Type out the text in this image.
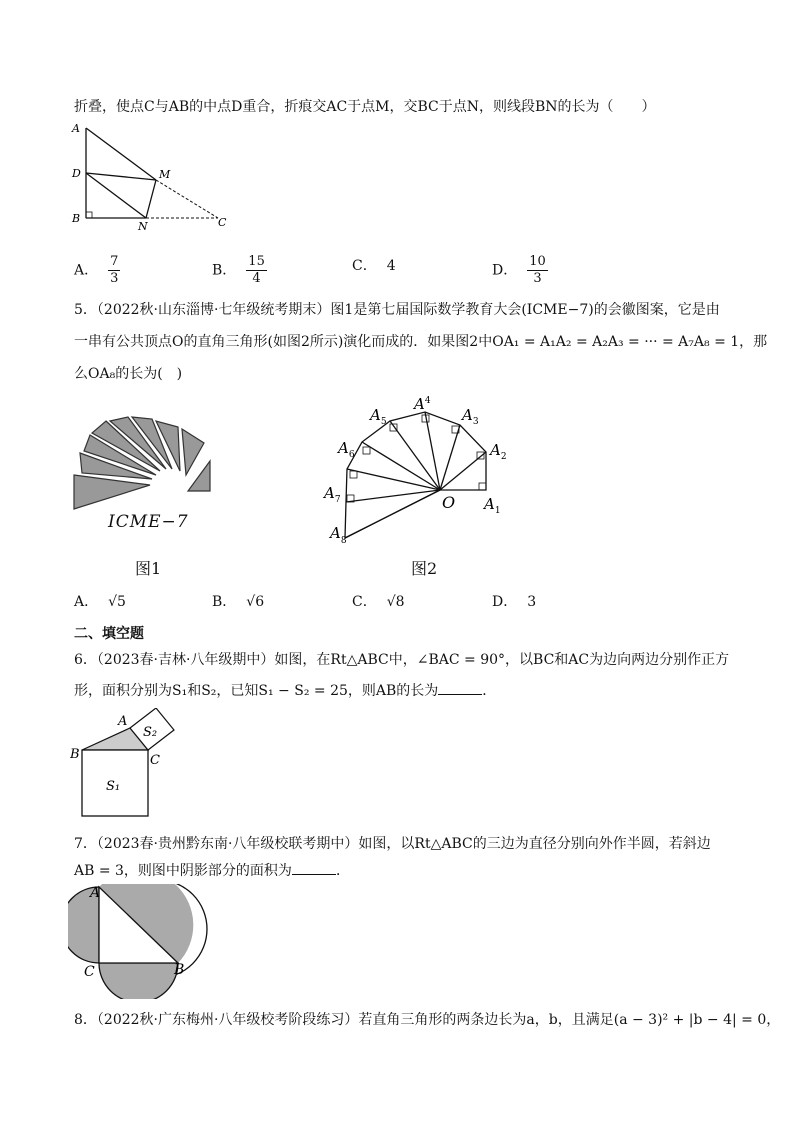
折叠，使点C与AB的中点D重合，折痕交AC于点M，交BC于点N，则线段BN的长为（　　）
A
D
B
M
N	C
A． $\frac{7}{3}$	B． $\frac{15}{4}$	C． 4	D． $\frac{10}{3}$
5．（2022秋·山东淄博·七年级统考期末）图1是第七届国际数学教育大会(ICME−7)的会徽图案，它是由
一串有公共顶点O的直角三角形(如图2所示)演化而成的．如果图2中OA₁ = A₁A₂ = A₂A₃ = ··· = A₇A₈ = 1，那
么OA₈的长为(　)
ICME−7
图1
O $A_1$
$A_2$
$A_3$
$A^4$
$A_5$
$A_6$
$A_7$
$A_8$
图2
A． √5	B． √6	C． √8	D． 3
二、填空题
6．（2023春·吉林·八年级期中）如图，在Rt△ABC中，∠BAC = 90°，以BC和AC为边向两边分别作正方
形，面积分别为S₁和S₂，已知S₁ − S₂ = 25，则AB的长为	．
A
B	C
S₂
S₁
7．（2023春·贵州黔东南·八年级校联考期中）如图，以Rt△ABC的三边为直径分别向外作半圆，若斜边
AB = 3，则图中阴影部分的面积为	．
A
C	B
8．（2022秋·广东梅州·八年级校考阶段练习）若直角三角形的两条边长为a，b，且满足(a − 3)² + |b − 4| = 0，
